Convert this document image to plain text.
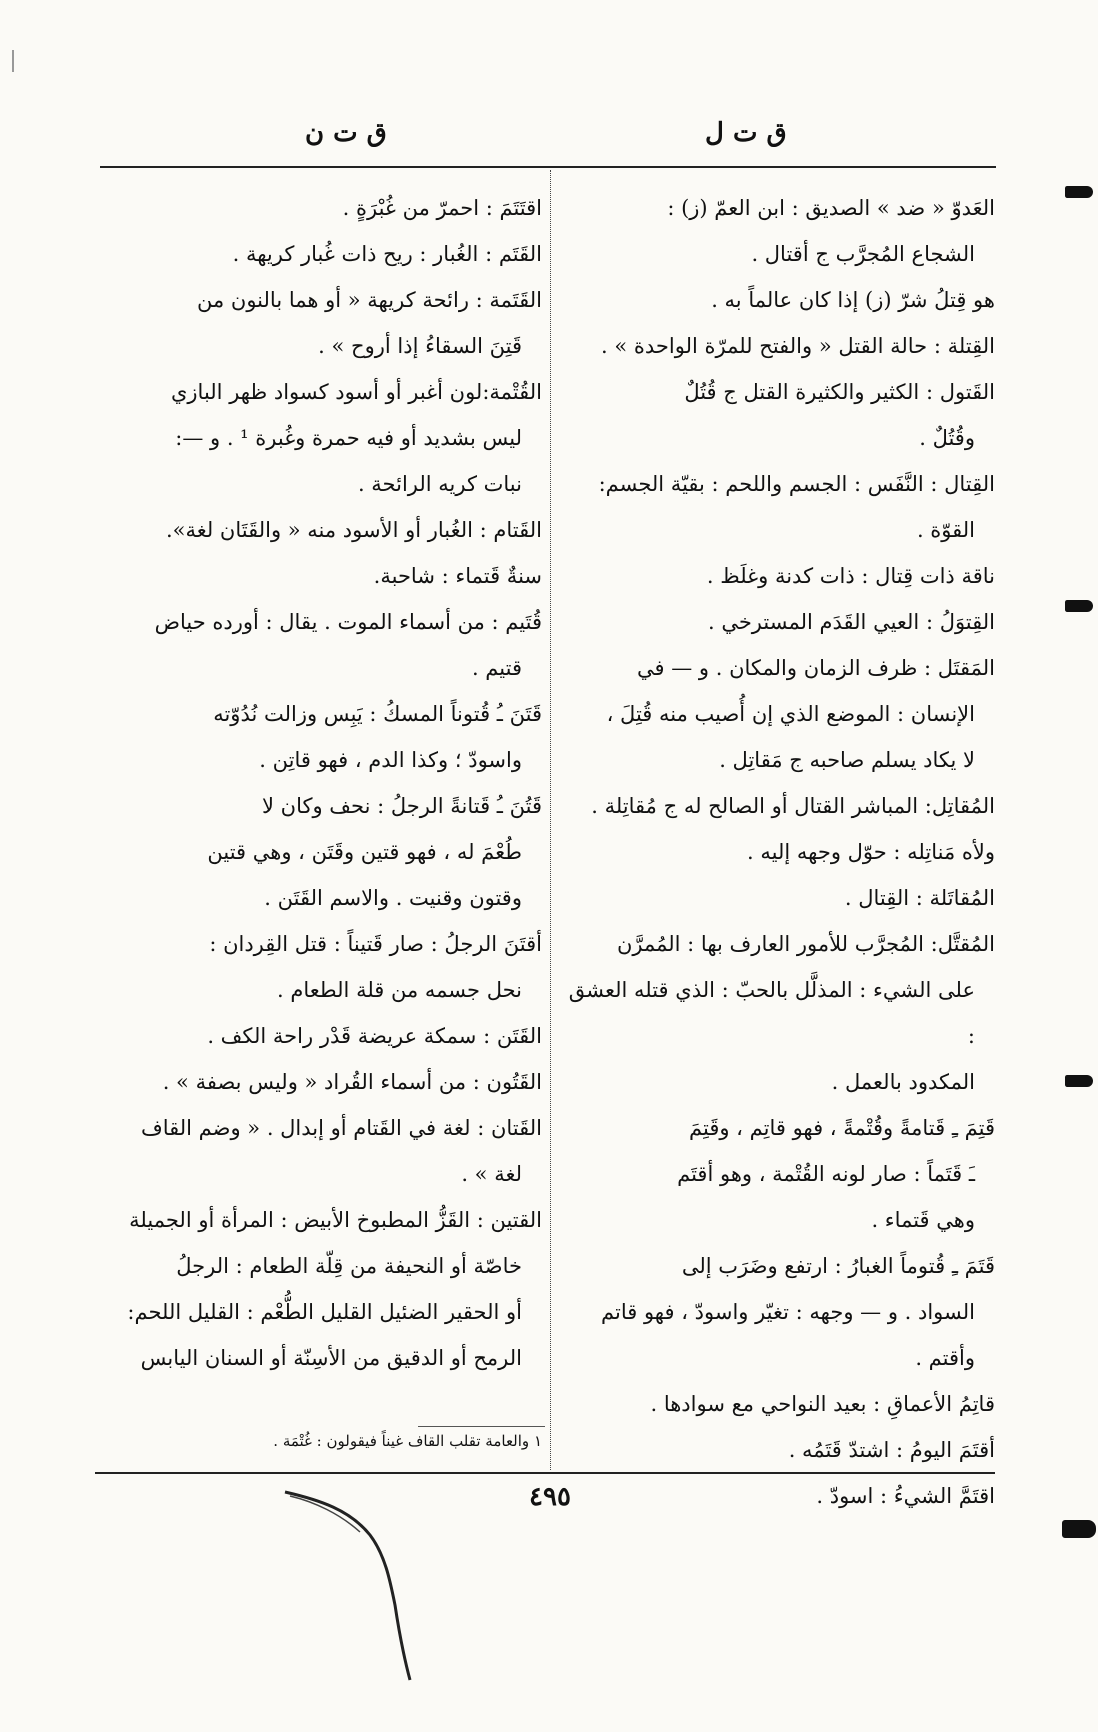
ق ت ل
ق ت ن
العَدوّ « ضد » الصديق : ابن العمّ (ز) :
الشجاع المُجرَّب ج أقتال .
هو قِتلُ شرّ (ز) إذا كان عالماً به .
القِتلة : حالة القتل « والفتح للمرّة الواحدة » .
القَتول : الكثير والكثيرة القتل ج قُتُلٌ
وقُتُلٌ .
القِتال : النَّفَس : الجسم واللحم : بقيّة الجسم:
القوّة .
ناقة ذات قِتال : ذات كدنة وغلَظ .
القِتوَلُ : العيي القَدَم المسترخي .
المَقتَل : ظرف الزمان والمكان . و — في
الإنسان : الموضع الذي إن أُصيب منه قُتِلَ ،
لا يكاد يسلم صاحبه ج مَقاتِل .
المُقاتِل: المباشر القتال أو الصالح له ج مُقاتِلة .
ولأه مَناتِله : حوّل وجهه إليه .
المُقاتَلة : القِتال .
المُقتَّل: المُجرَّب للأمور العارف بها : المُمرَّن
على الشيء : المذلَّل بالحبّ : الذي قتله العشق :
المكدود بالعمل .
قَتِمَ ـِ قَتامةً وقُتْمةً ، فهو قاتِم ، وقَتِمَ
ـَ قَتَماً : صار لونه القُتْمة ، وهو أقتَم
وهي قَتماء .
قَتَمَ ـِ قُتوماً الغبارُ : ارتفع وضَرَب إلى
السواد . و — وجهه : تغيّر واسودّ ، فهو قاتم
وأقتم .
قاتِمُ الأعماقِ : بعيد النواحي مع سوادها .
أقتَمَ اليومُ : اشتدّ قَتَمُه .
اقتَمَّ الشيءُ : اسودّ .
اقتَتَمَ : احمرّ من غُبْرَةٍ .
القَتَم : الغُبار : ريح ذات غُبار كريهة .
القَتَمة : رائحة كريهة « أو هما بالنون من
قَتِنَ السقاءُ إذا أروح » .
القُتْمة:لون أغبر أو أسود كسواد ظهر البازي
ليس بشديد أو فيه حمرة وغُبرة ¹ . و —:
نبات كريه الرائحة .
القَتام : الغُبار أو الأسود منه « والقَتَان لغة».
سنةٌ قَتماء : شاحبة.
قُتَيم : من أسماء الموت . يقال : أورده حياض
قتيم .
قَتَنَ ـُ قُتوناً المسكُ : يَبِس وزالت نُدُوّته
واسودّ ؛ وكذا الدم ، فهو قاتِن .
قَتُنَ ـُ قَتانةً الرجلُ : نحف وكان لا
طُعْمَ له ، فهو قتين وقَتَن ، وهي قتين
وقتون وقنيت . والاسم القَتَن .
أقتَنَ الرجلُ : صار قَتيناً : قتل القِردان :
نحل جسمه من قلة الطعام .
القَتَن : سمكة عريضة قَدْر راحة الكف .
القَتُون : من أسماء القُراد « وليس بصفة » .
القَتان : لغة في القَتام أو إبدال . « وضم القاف
لغة » .
القتين : القَزُّ المطبوخ الأبيض : المرأة أو الجميلة
خاصّة أو النحيفة من قِلّة الطعام : الرجلُ
أو الحقير الضئيل القليل الطُّعْم : القليل اللحم:
الرمح أو الدقيق من الأسِنّة أو السنان اليابس
١ والعامة تقلب القاف غيناً فيقولون : غُتْمَة .
٤٩٥
